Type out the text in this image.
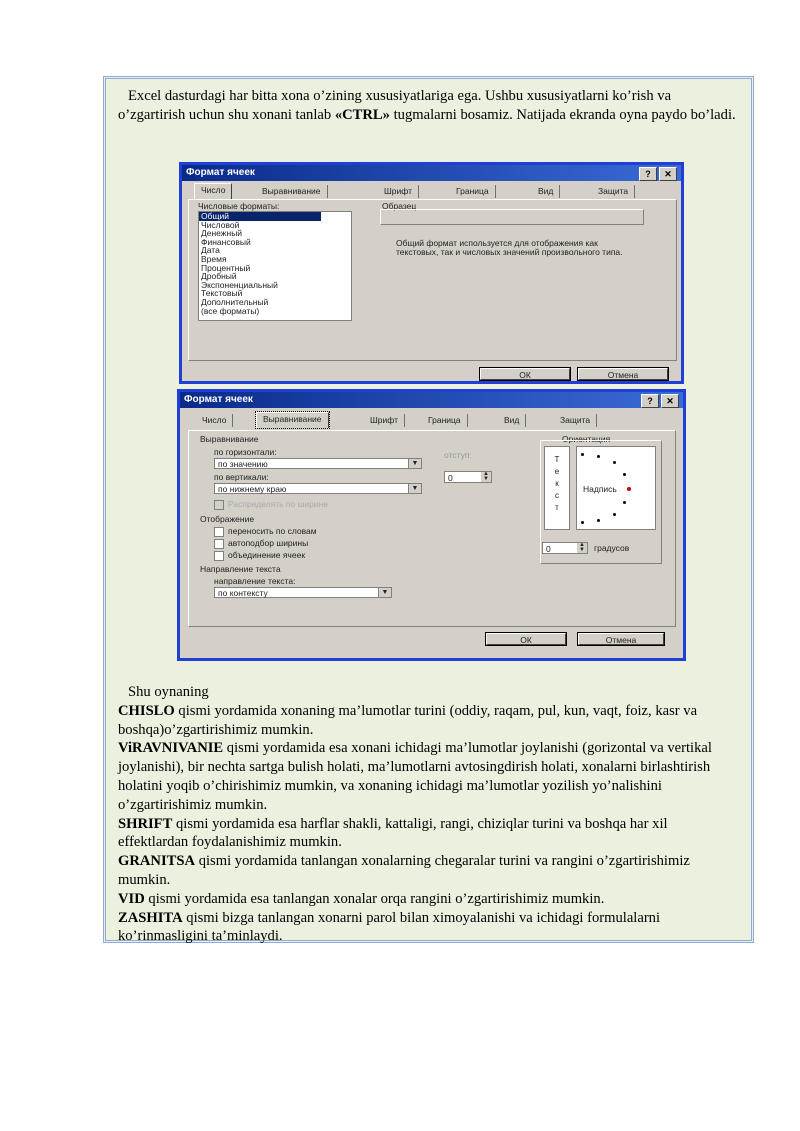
Excel dasturdagi har bitta xona o’zining xususiyatlariga ega. Ushbu xususiyatlarni ko’rish va o’zgartirish uchun shu xonani tanlab «CTRL» tugmalarni bosamiz. Natijada ekranda oyna paydo bo’ladi.
Формат ячеек	?	✕
Число	Выравнивание	Шрифт	Граница	Вид	Защита
Числовые форматы:
Общий
Числовой
Денежный
Финансовый
Дата
Время
Процентный
Дробный
Экспоненциальный
Текстовый
Дополнительный
(все форматы)
Образец
Общий формат используется для отображения как текстовых, так и числовых значений произвольного типа.
ОК	Отмена
Формат ячеек	?	✕
Число	Выравнивание	Шрифт	Граница	Вид	Защита
Выравнивание
по горизонтали:
по значению	▼
отступ:
0	▲
▼
по вертикали:
по нижнему краю	▼
Распределять по ширине
Отображение
переносить по словам
автоподбор ширины
объединение ячеек
Направление текста
направление текста:
по контексту	▼
Ориентация
Т
е
к
с
т
Надпись
0	▲
▼ градусов
ОК	Отмена
Shu oynaning
CHISLO qismi yordamida xonaning ma’lumotlar turini (oddiy, raqam, pul, kun, vaqt, foiz, kasr va boshqa)o’zgartirishimiz mumkin.
ViRAVNIVANIE qismi yordamida esa xonani ichidagi ma’lumotlar joylanishi (gorizontal va vertikal joylanishi), bir nechta sartga bulish holati, ma’lumotlarni avtosingdirish holati, xonalarni birlashtirish holatini yoqib o’chirishimiz mumkin, va xonaning ichidagi ma’lumotlar yozilish yo’nalishini o’zgartirishimiz mumkin.
SHRIFT qismi yordamida esa harflar shakli, kattaligi, rangi, chiziqlar turini va boshqa har xil effektlardan foydalanishimiz mumkin.
GRANITSA qismi yordamida tanlangan xonalarning chegaralar turini va rangini o’zgartirishimiz mumkin.
VID qismi yordamida esa tanlangan xonalar orqa rangini o’zgartirishimiz mumkin.
ZASHITA qismi bizga tanlangan xonarni parol bilan ximoyalanishi va ichidagi formulalarni ko’rinmasligini ta’minlaydi.
